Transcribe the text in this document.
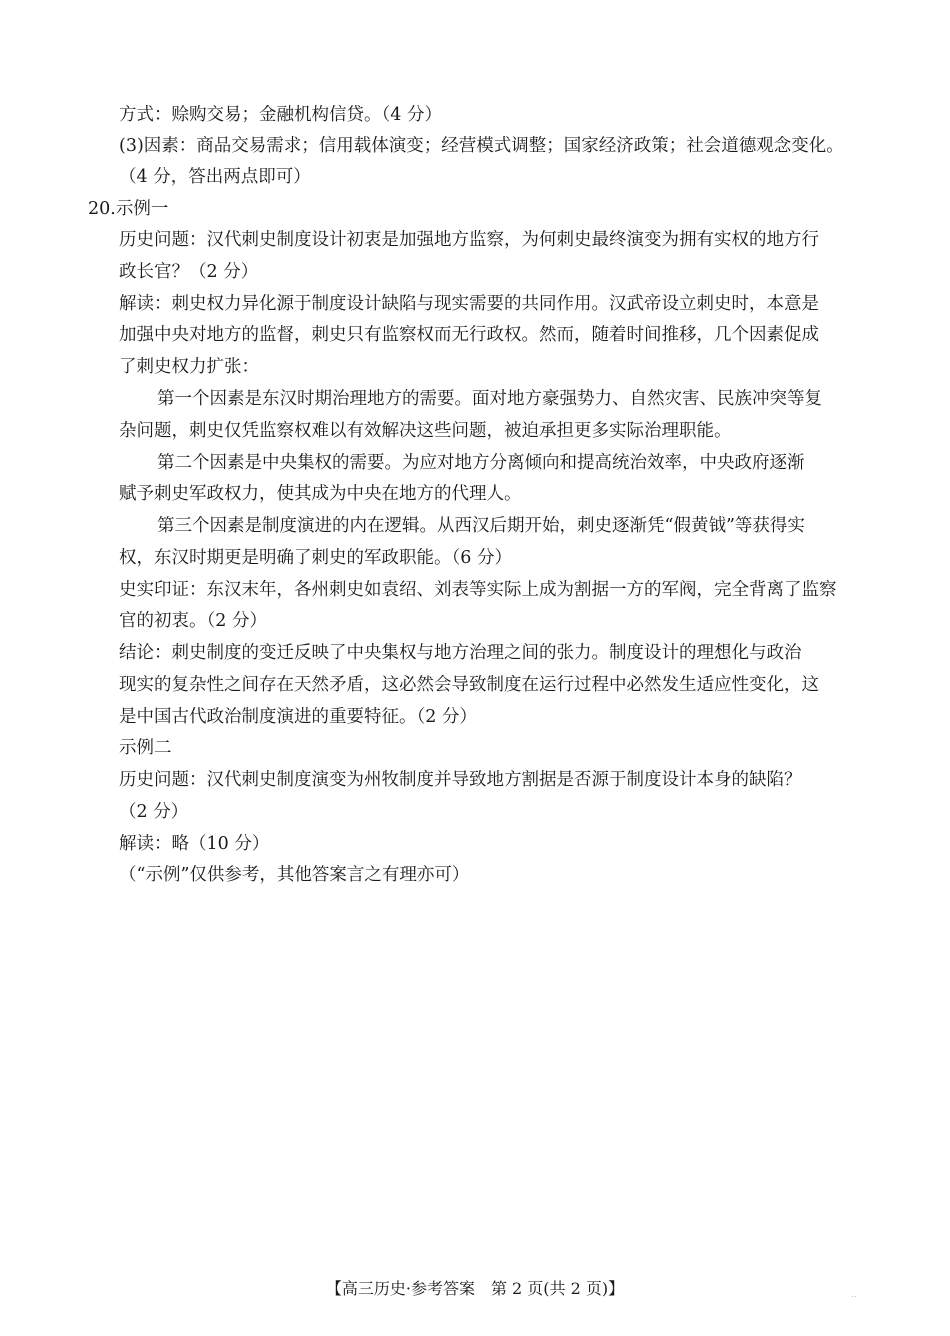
方式：赊购交易；金融机构信贷。（4 分）
(3)因素：商品交易需求；信用载体演变；经营模式调整；国家经济政策；社会道德观念变化。
（4 分，答出两点即可）
20.示例一
历史问题：汉代刺史制度设计初衷是加强地方监察，为何刺史最终演变为拥有实权的地方行
政长官？（2 分）
解读：刺史权力异化源于制度设计缺陷与现实需要的共同作用。汉武帝设立刺史时，本意是
加强中央对地方的监督，刺史只有监察权而无行政权。然而，随着时间推移，几个因素促成
了刺史权力扩张：
第一个因素是东汉时期治理地方的需要。面对地方豪强势力、自然灾害、民族冲突等复
杂问题，刺史仅凭监察权难以有效解决这些问题，被迫承担更多实际治理职能。
第二个因素是中央集权的需要。为应对地方分离倾向和提高统治效率，中央政府逐渐
赋予刺史军政权力，使其成为中央在地方的代理人。
第三个因素是制度演进的内在逻辑。从西汉后期开始，刺史逐渐凭“假黄钺”等获得实
权，东汉时期更是明确了刺史的军政职能。（6 分）
史实印证：东汉末年，各州刺史如袁绍、刘表等实际上成为割据一方的军阀，完全背离了监察
官的初衷。（2 分）
结论：刺史制度的变迁反映了中央集权与地方治理之间的张力。制度设计的理想化与政治
现实的复杂性之间存在天然矛盾，这必然会导致制度在运行过程中必然发生适应性变化，这
是中国古代政治制度演进的重要特征。（2 分）
示例二
历史问题：汉代刺史制度演变为州牧制度并导致地方割据是否源于制度设计本身的缺陷？
（2 分）
解读：略（10 分）
（“示例”仅供参考，其他答案言之有理亦可）
【高三历史·参考答案　第 2 页(共 2 页)】	..
